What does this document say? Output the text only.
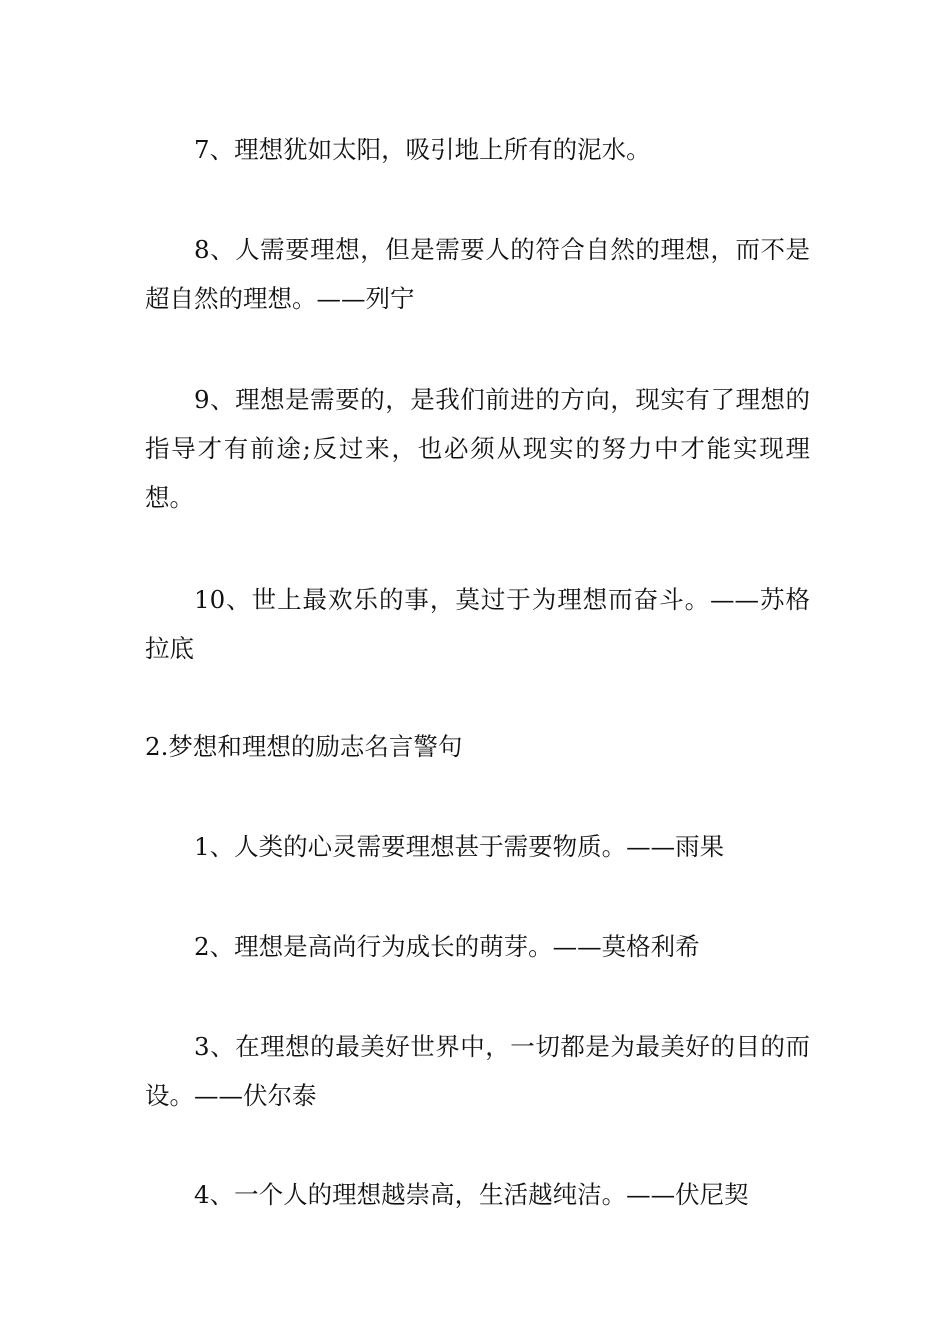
7、理想犹如太阳，吸引地上所有的泥水。

8、人需要理想，但是需要人的符合自然的理想，而不是超自然的理想。——列宁

9、理想是需要的，是我们前进的方向，现实有了理想的指导才有前途;反过来，也必须从现实的努力中才能实现理想。

10、世上最欢乐的事，莫过于为理想而奋斗。——苏格拉底

2.梦想和理想的励志名言警句

1、人类的心灵需要理想甚于需要物质。——雨果

2、理想是高尚行为成长的萌芽。——莫格利希

3、在理想的最美好世界中，一切都是为最美好的目的而设。——伏尔泰

4、一个人的理想越崇高，生活越纯洁。——伏尼契
